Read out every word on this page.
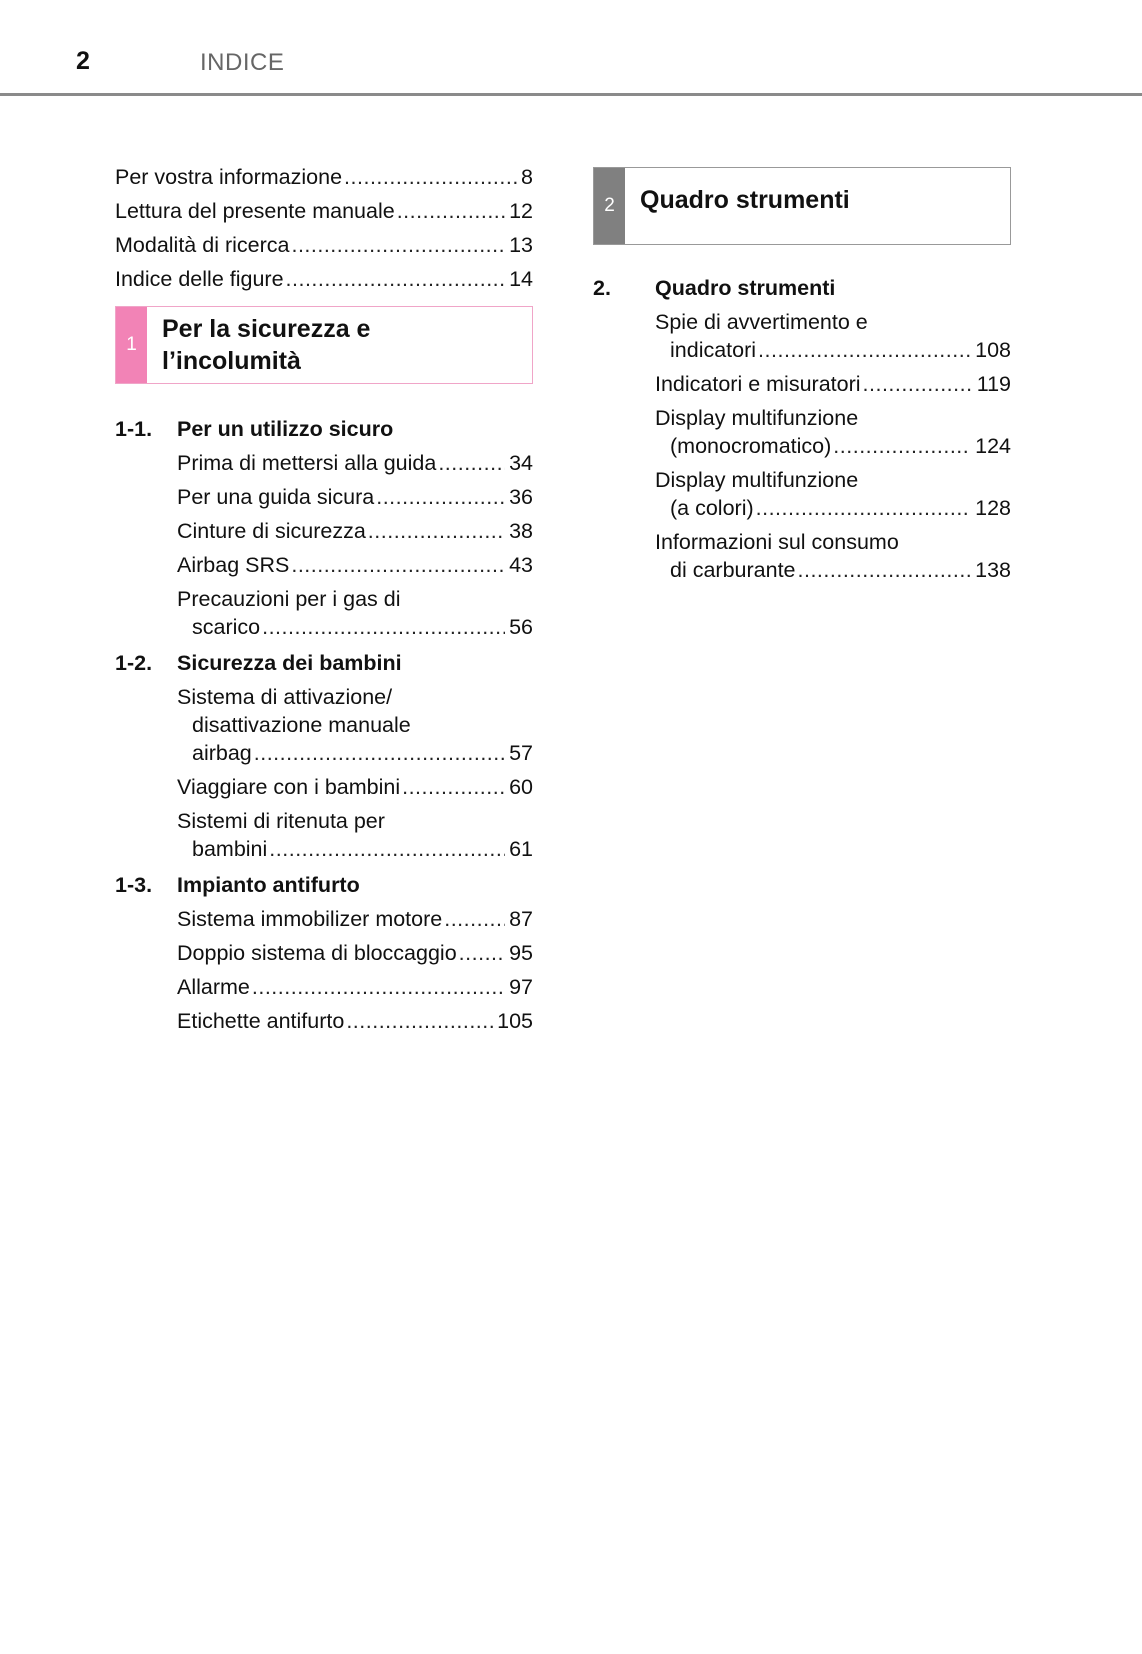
2	INDICE
Per vostra informazione .....	8
Lettura del presente manuale .....	12
Modalità di ricerca .....	13
Indice delle figure .....	14
1
Per la sicurezza e
l’incolumità
1-1.	Per un utilizzo sicuro
Prima di mettersi alla guida .....	34
Per una guida sicura .....	36
Cinture di sicurezza .....	38
Airbag SRS .....	43
Precauzioni per i gas di
scarico .....	56
1-2.	Sicurezza dei bambini
Sistema di attivazione/
disattivazione manuale
airbag .....	57
Viaggiare con i bambini .....	60
Sistemi di ritenuta per
bambini .....	61
1-3.	Impianto antifurto
Sistema immobilizer motore .....	87
Doppio sistema di bloccaggio ..... 95
Allarme .....	97
Etichette antifurto .....	105
2	Quadro strumenti
2.	Quadro strumenti
Spie di avvertimento e
indicatori .....	108
Indicatori e misuratori .....	119
Display multifunzione
(monocromatico) .....	124
Display multifunzione
(a colori) .....	128
Informazioni sul consumo
di carburante .....	138
